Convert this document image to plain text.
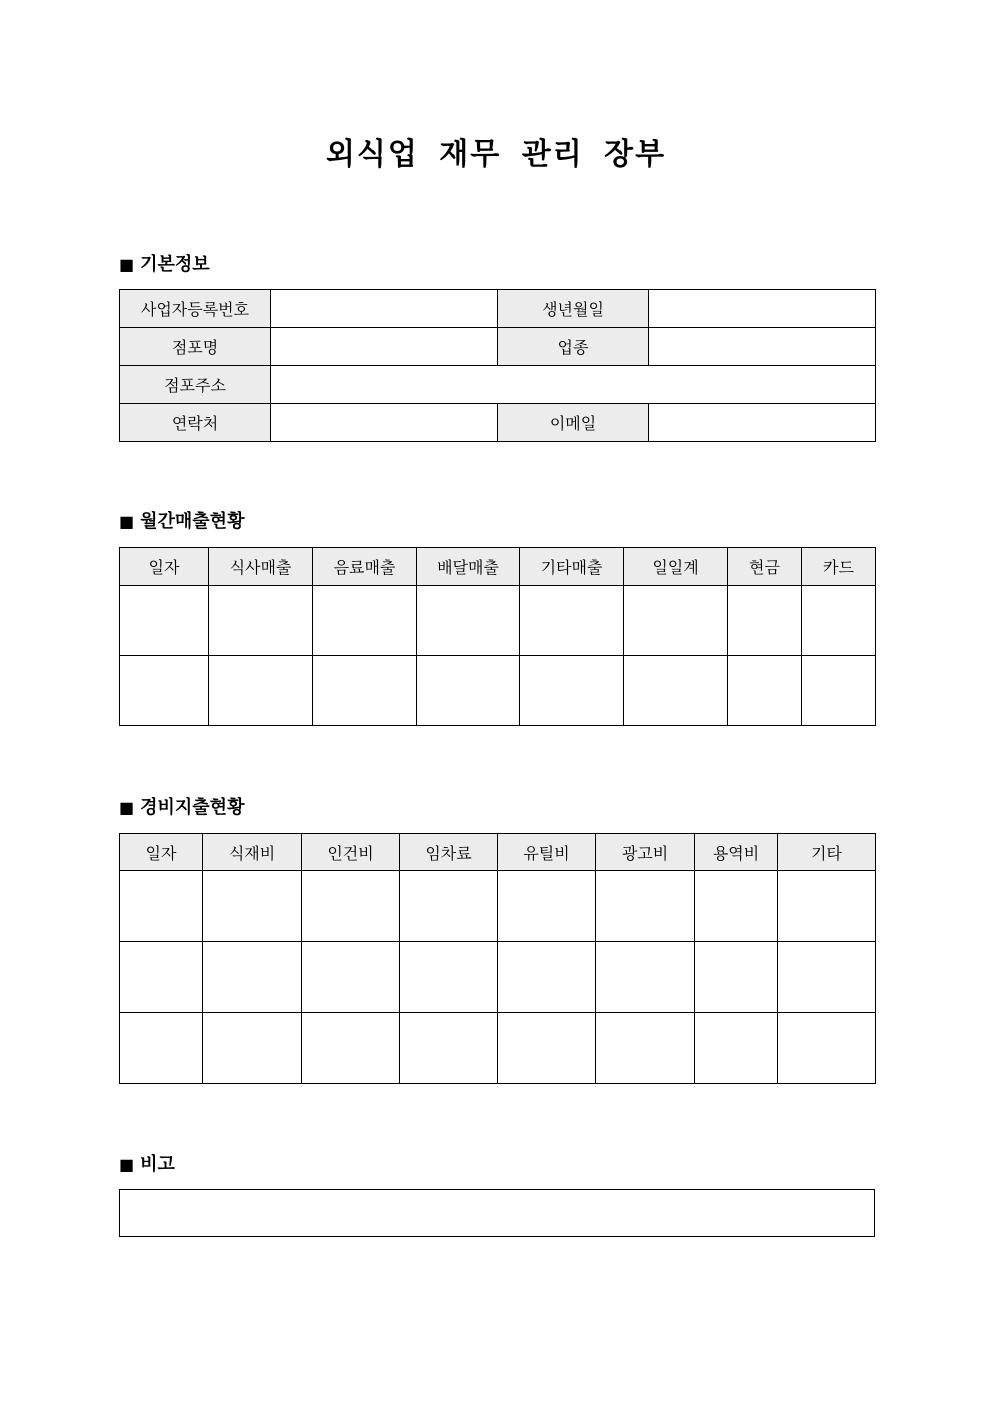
외식업 재무 관리 장부
■ 기본정보
사업자등록번호		생년월일	
점포명		업종	
점포주소			
연락처		이메일	
■ 월간매출현황
일자	식사매출	음료매출	배달매출	기타매출	일일계	현금	카드

■ 경비지출현황
일자	식재비	인건비	임차료	유틸비	광고비	용역비	기타

■ 비고
